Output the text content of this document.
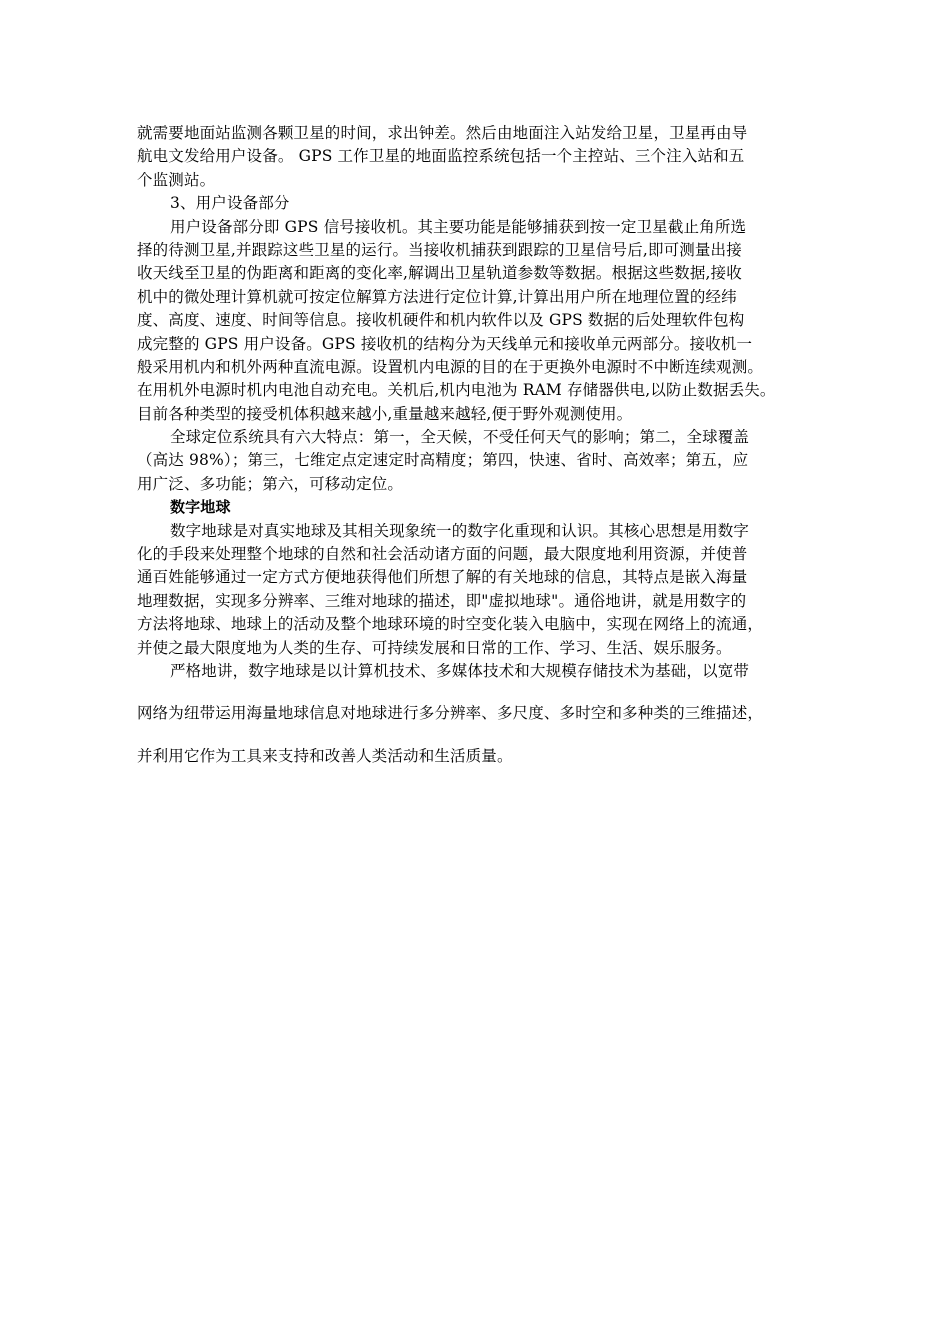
就需要地面站监测各颗卫星的时间，求出钟差。然后由地面注入站发给卫星，卫星再由导
航电文发给用户设备。 GPS 工作卫星的地面监控系统包括一个主控站、三个注入站和五
个监测站。
3、用户设备部分
用户设备部分即 GPS 信号接收机。其主要功能是能够捕获到按一定卫星截止角所选
择的待测卫星,并跟踪这些卫星的运行。当接收机捕获到跟踪的卫星信号后,即可测量出接
收天线至卫星的伪距离和距离的变化率,解调出卫星轨道参数等数据。根据这些数据,接收
机中的微处理计算机就可按定位解算方法进行定位计算,计算出用户所在地理位置的经纬
度、高度、速度、时间等信息。接收机硬件和机内软件以及 GPS 数据的后处理软件包构
成完整的 GPS 用户设备。GPS 接收机的结构分为天线单元和接收单元两部分。接收机一
般采用机内和机外两种直流电源。设置机内电源的目的在于更换外电源时不中断连续观测。
在用机外电源时机内电池自动充电。关机后,机内电池为 RAM 存储器供电,以防止数据丢失。
目前各种类型的接受机体积越来越小,重量越来越轻,便于野外观测使用。
全球定位系统具有六大特点：第一，全天候，不受任何天气的影响；第二，全球覆盖
（高达 98%）；第三，七维定点定速定时高精度；第四，快速、省时、高效率；第五，应
用广泛、多功能；第六，可移动定位。
数字地球
数字地球是对真实地球及其相关现象统一的数字化重现和认识。其核心思想是用数字
化的手段来处理整个地球的自然和社会活动诸方面的问题，最大限度地利用资源，并使普
通百姓能够通过一定方式方便地获得他们所想了解的有关地球的信息，其特点是嵌入海量
地理数据，实现多分辨率、三维对地球的描述，即"虚拟地球"。通俗地讲，就是用数字的
方法将地球、地球上的活动及整个地球环境的时空变化装入电脑中，实现在网络上的流通，
并使之最大限度地为人类的生存、可持续发展和日常的工作、学习、生活、娱乐服务。
严格地讲，数字地球是以计算机技术、多媒体技术和大规模存储技术为基础，以宽带
网络为纽带运用海量地球信息对地球进行多分辨率、多尺度、多时空和多种类的三维描述，
并利用它作为工具来支持和改善人类活动和生活质量。
